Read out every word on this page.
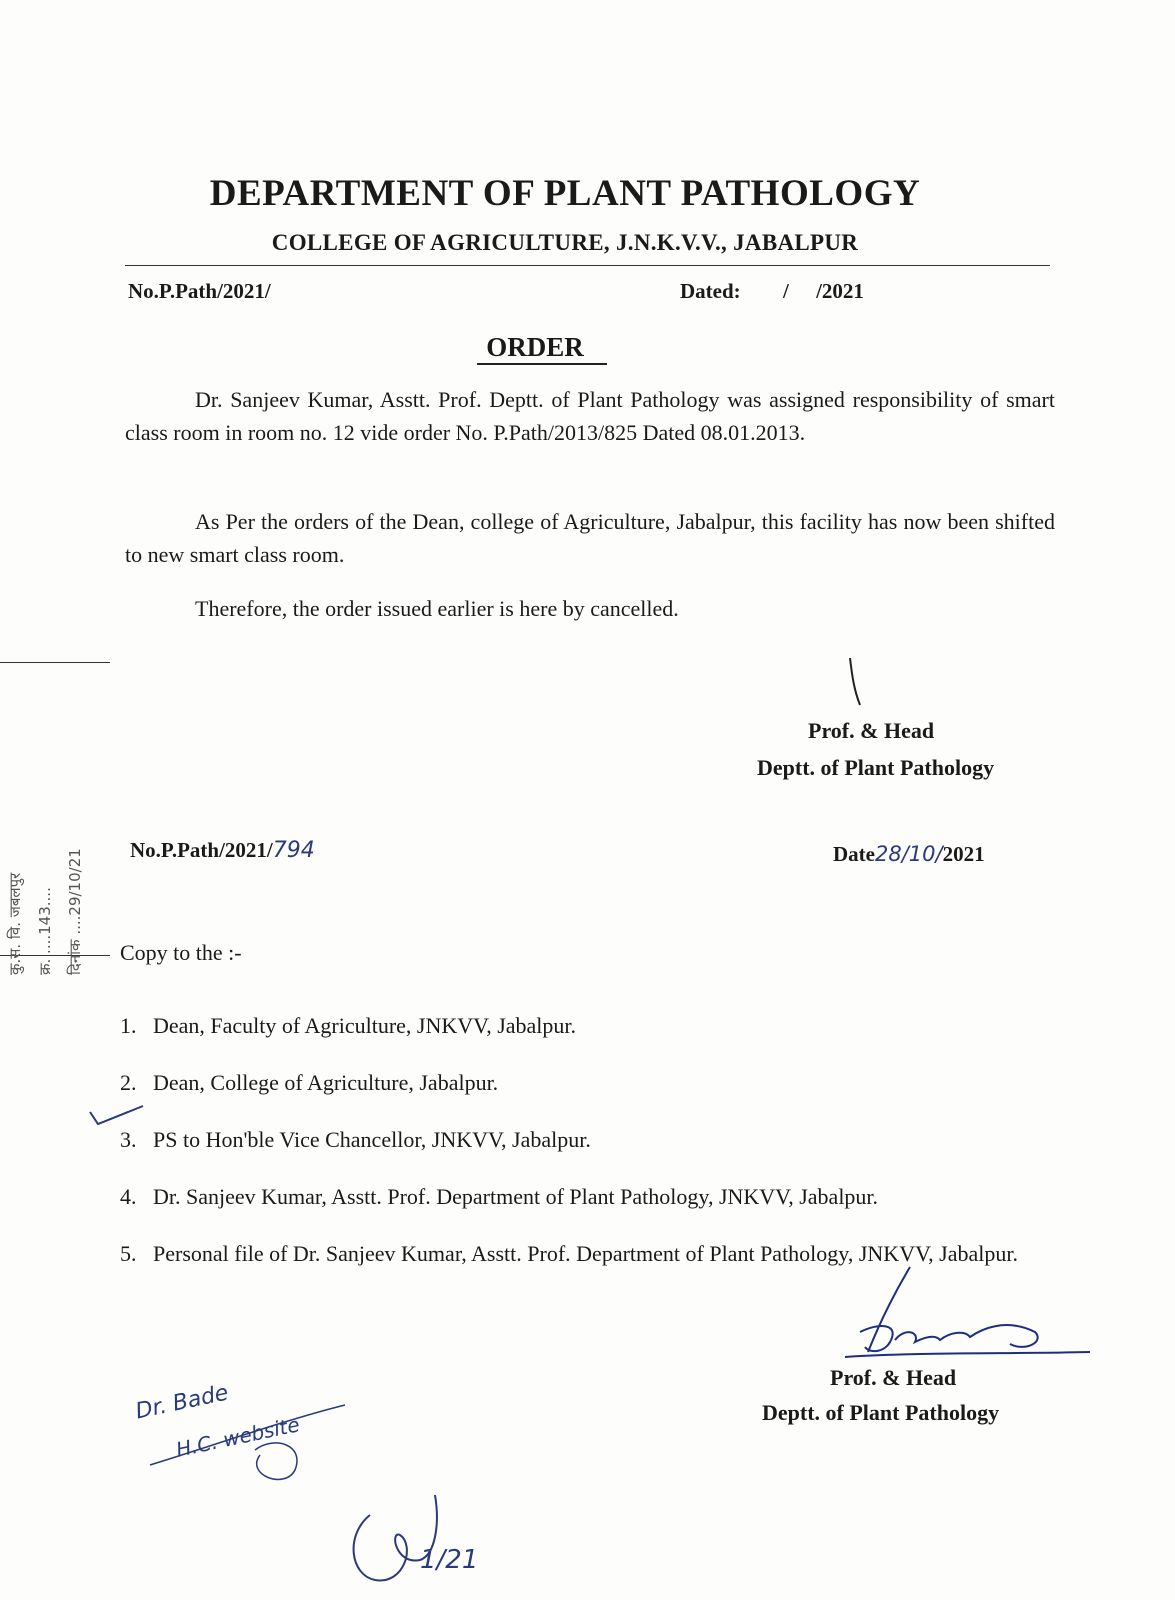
DEPARTMENT OF PLANT PATHOLOGY
COLLEGE OF AGRICULTURE, J.N.K.V.V., JABALPUR
No.P.Path/2021/	Dated: / /2021
ORDER
Dr. Sanjeev Kumar, Asstt. Prof. Deptt. of Plant Pathology was assigned responsibility of smart class room in room no. 12 vide order No. P.Path/2013/825 Dated 08.01.2013.
As Per the orders of the Dean, college of Agriculture, Jabalpur, this facility has now been shifted to new smart class room.
Therefore, the order issued earlier is here by cancelled.
Prof. & Head
Deptt. of Plant Pathology
No.P.Path/2021/794	Date28/10/2021
Copy to the :-
1. Dean, Faculty of Agriculture, JNKVV, Jabalpur.
2. Dean, College of Agriculture, Jabalpur.
3. PS to Hon'ble Vice Chancellor, JNKVV, Jabalpur.
4. Dr. Sanjeev Kumar, Asstt. Prof. Department of Plant Pathology, JNKVV, Jabalpur.
5. Personal file of Dr. Sanjeev Kumar, Asstt. Prof. Department of Plant Pathology, JNKVV, Jabalpur.
Prof. & Head
Deptt. of Plant Pathology
कु.स. वि. जबलपुर क्र. ....143.... दिनांक ....29/10/21
Dr. Bade
H.C. website
1/21
